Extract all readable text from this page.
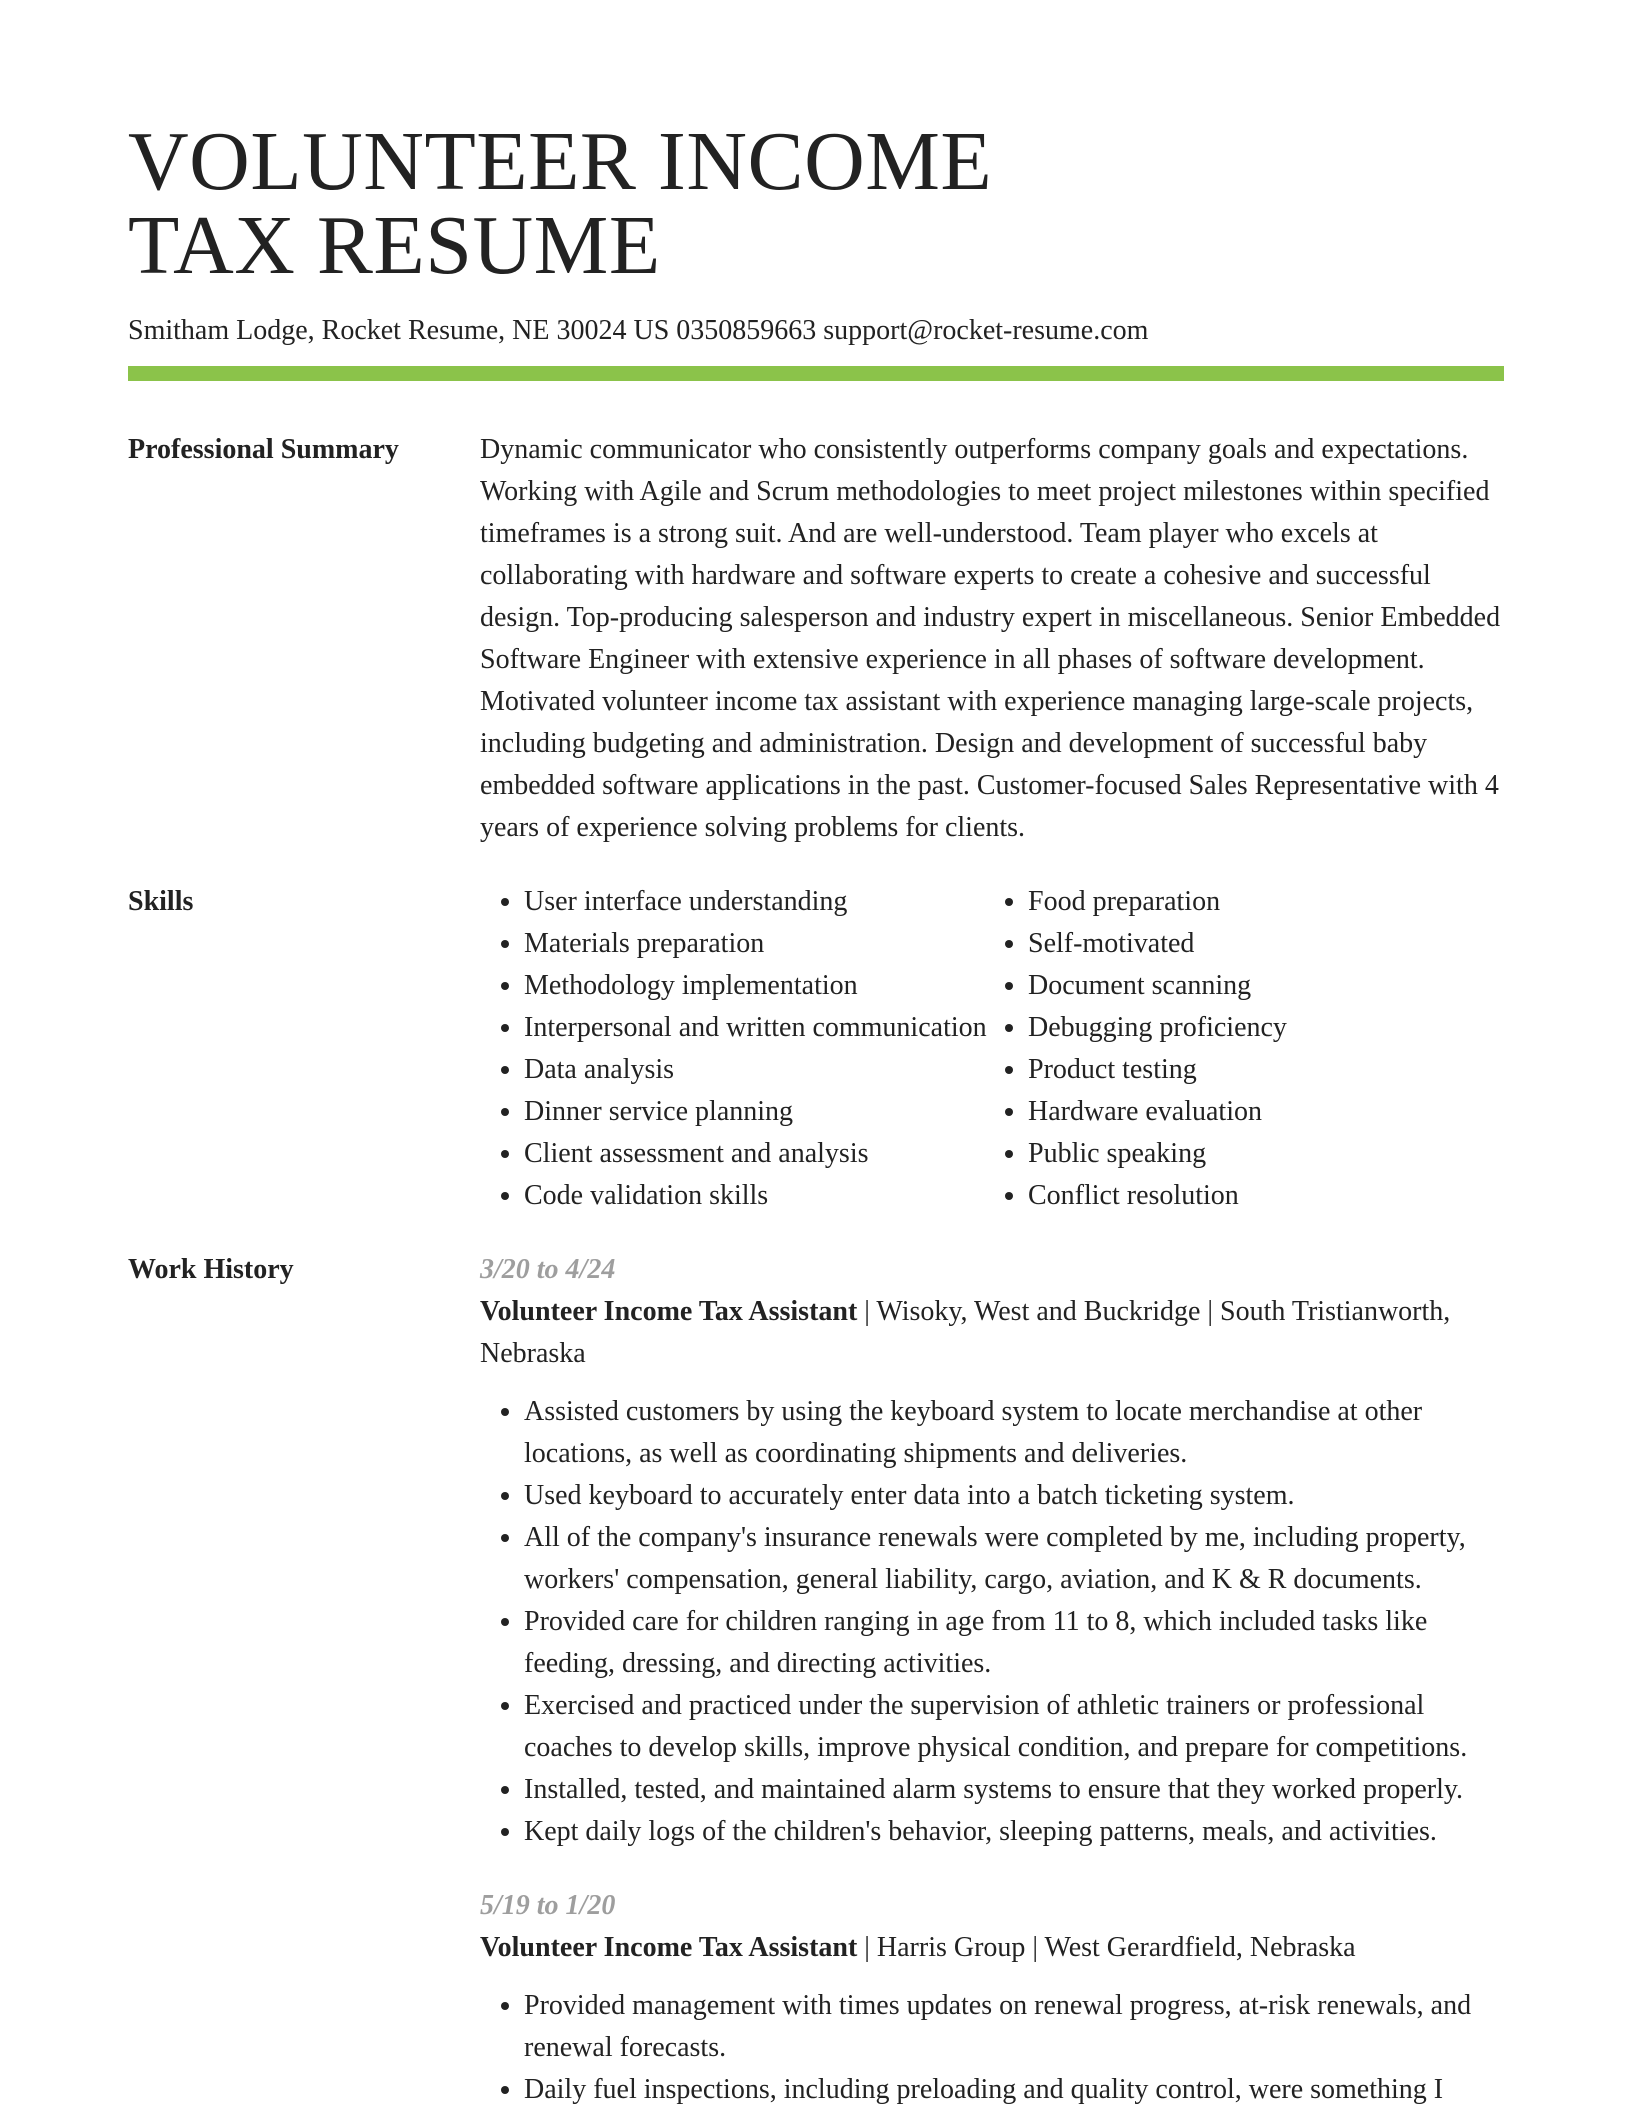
VOLUNTEER INCOME
TAX RESUME
Smitham Lodge, Rocket Resume, NE 30024 US 0350859663 support@rocket-resume.com
Professional Summary	Dynamic communicator who consistently outperforms company goals and expectations. Working with Agile and Scrum methodologies to meet project milestones within specified timeframes is a strong suit. And are well-understood. Team player who excels at collaborating with hardware and software experts to create a cohesive and successful design. Top-producing salesperson and industry expert in miscellaneous. Senior Embedded Software Engineer with extensive experience in all phases of software development. Motivated volunteer income tax assistant with experience managing large-scale projects, including budgeting and administration. Design and development of successful baby embedded software applications in the past. Customer-focused Sales Representative with 4 years of experience solving problems for clients.
Skills
•	User interface understanding
• Materials preparation
• Methodology implementation
• Interpersonal and written communication
• Data analysis
• Dinner service planning
• Client assessment and analysis
• Code validation skills
• Food preparation
• Self-motivated
• Document scanning
• Debugging proficiency
• Product testing
• Hardware evaluation
• Public speaking
• Conflict resolution
Work History	3/20 to 4/24
Volunteer Income Tax Assistant | Wisoky, West and Buckridge | South Tristianworth, Nebraska
• Assisted customers by using the keyboard system to locate merchandise at other locations, as well as coordinating shipments and deliveries.
• Used keyboard to accurately enter data into a batch ticketing system.
• All of the company's insurance renewals were completed by me, including property, workers' compensation, general liability, cargo, aviation, and K & R documents.
• Provided care for children ranging in age from 11 to 8, which included tasks like feeding, dressing, and directing activities.
• Exercised and practiced under the supervision of athletic trainers or professional coaches to develop skills, improve physical condition, and prepare for competitions.
• Installed, tested, and maintained alarm systems to ensure that they worked properly.
• Kept daily logs of the children's behavior, sleeping patterns, meals, and activities.
5/19 to 1/20
Volunteer Income Tax Assistant | Harris Group | West Gerardfield, Nebraska
• Provided management with times updates on renewal progress, at-risk renewals, and renewal forecasts.
• Daily fuel inspections, including preloading and quality control, were something I
